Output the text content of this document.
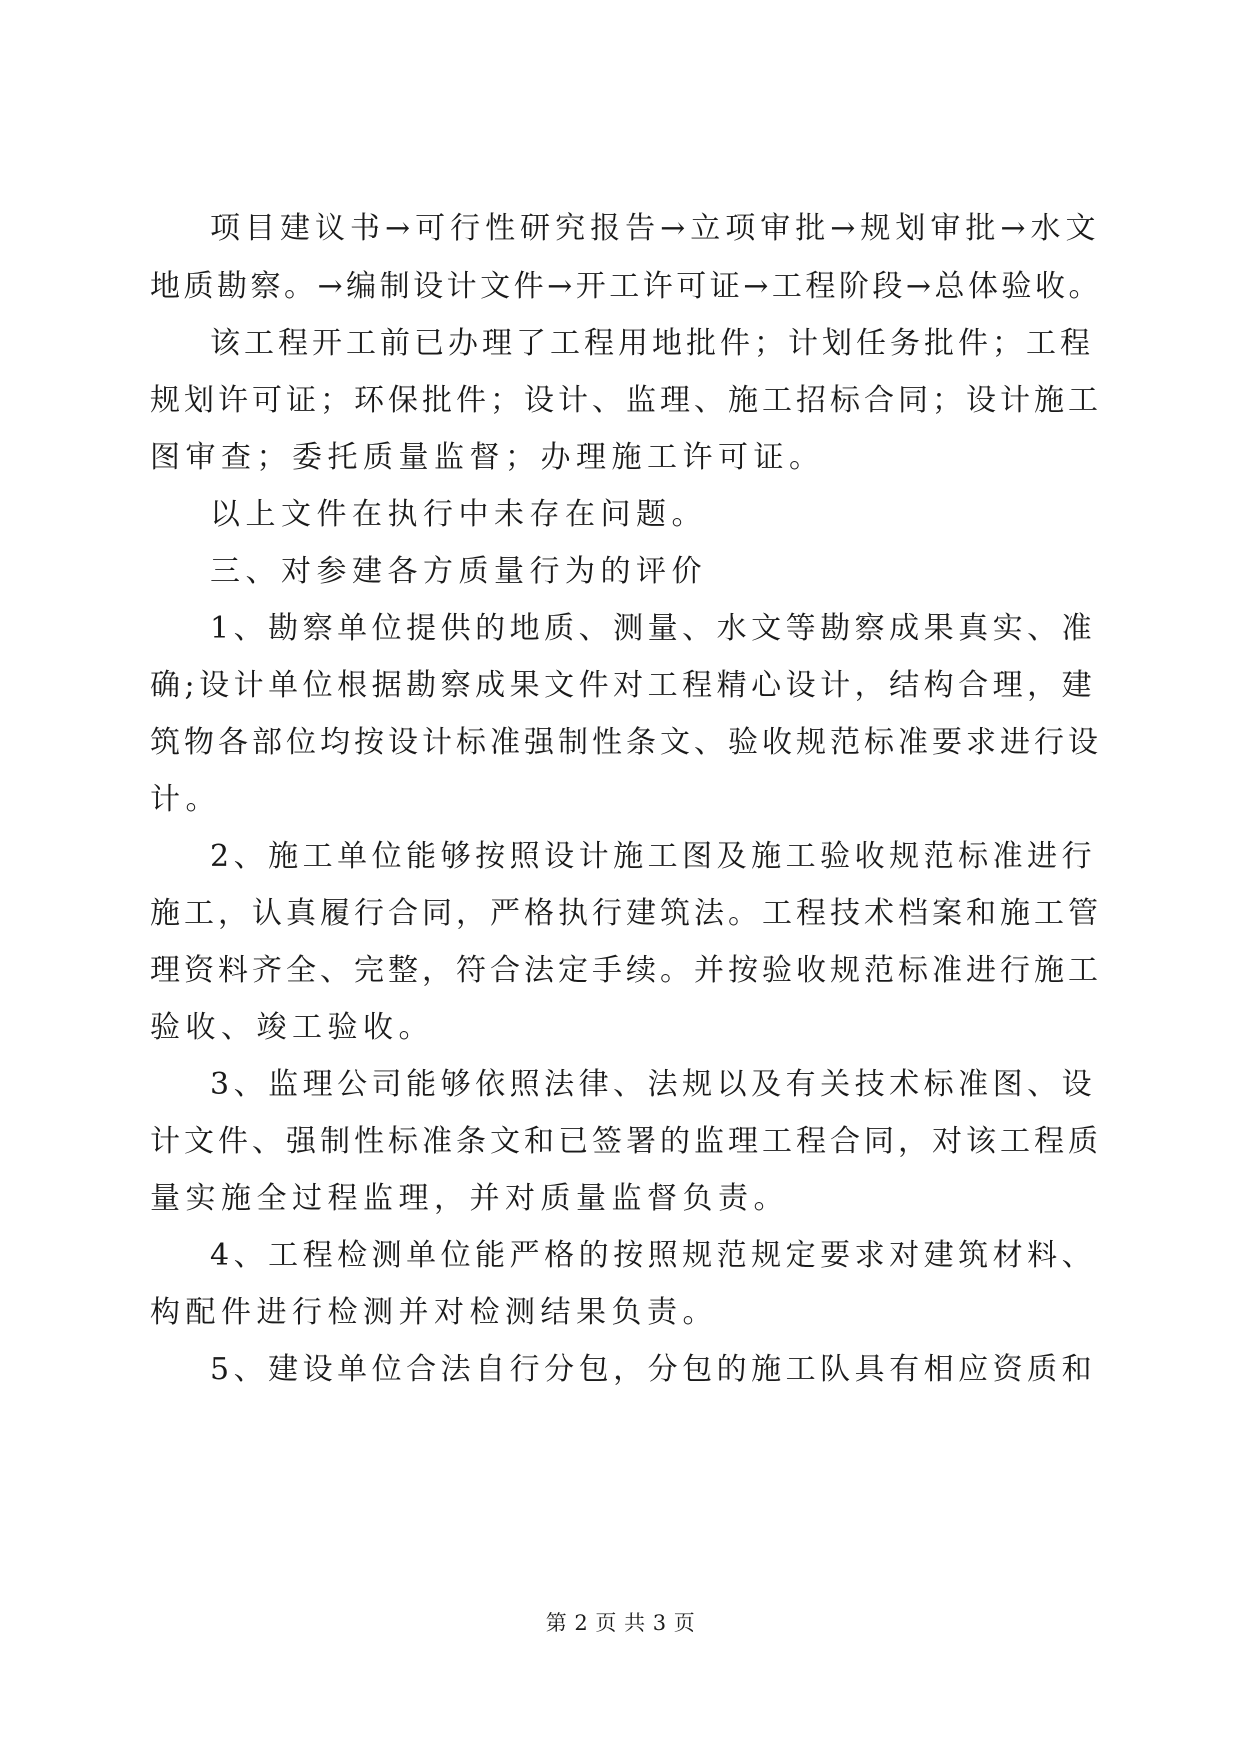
项目建议书→可行性研究报告→立项审批→规划审批→水文
地质勘察。→编制设计文件→开工许可证→工程阶段→总体验收。
该工程开工前已办理了工程用地批件；计划任务批件；工程
规划许可证；环保批件；设计、监理、施工招标合同；设计施工
图审查；委托质量监督；办理施工许可证。
以上文件在执行中未存在问题。
三、对参建各方质量行为的评价
1、勘察单位提供的地质、测量、水文等勘察成果真实、准
确;设计单位根据勘察成果文件对工程精心设计，结构合理，建
筑物各部位均按设计标准强制性条文、验收规范标准要求进行设
计。
2、施工单位能够按照设计施工图及施工验收规范标准进行
施工，认真履行合同，严格执行建筑法。工程技术档案和施工管
理资料齐全、完整，符合法定手续。并按验收规范标准进行施工
验收、竣工验收。
3、监理公司能够依照法律、法规以及有关技术标准图、设
计文件、强制性标准条文和已签署的监理工程合同，对该工程质
量实施全过程监理，并对质量监督负责。
4、工程检测单位能严格的按照规范规定要求对建筑材料、
构配件进行检测并对检测结果负责。
5、建设单位合法自行分包，分包的施工队具有相应资质和
第 2 页 共 3 页
